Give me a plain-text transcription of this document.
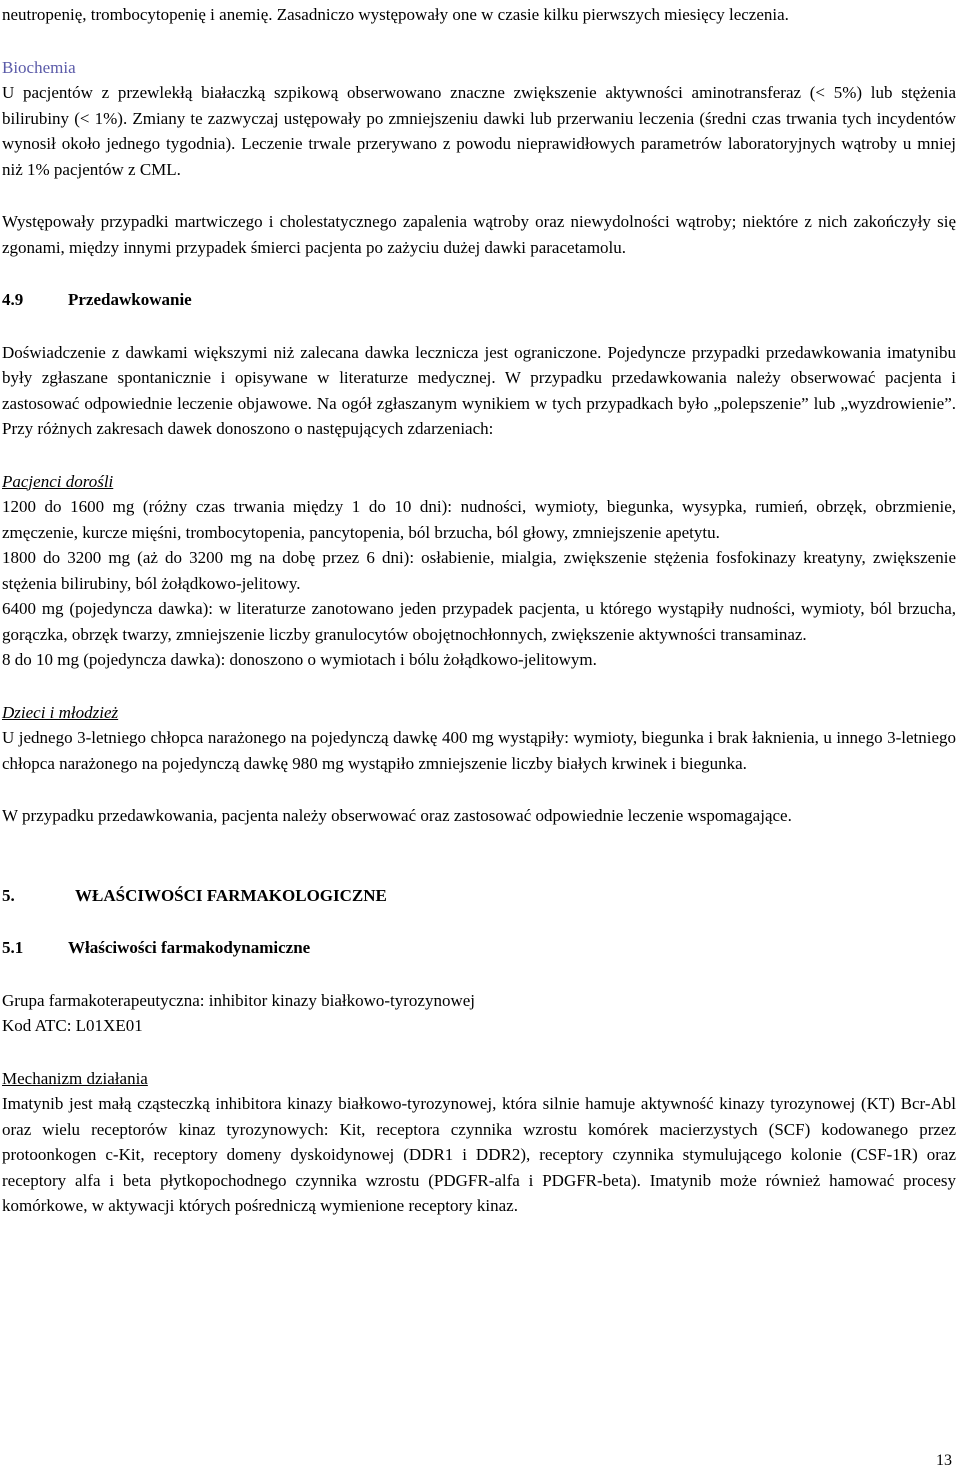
neutropenię, trombocytopenię i anemię. Zasadniczo występowały one w czasie kilku pierwszych miesięcy leczenia.

Biochemia

U pacjentów z przewlekłą białaczką szpikową obserwowano znaczne zwiększenie aktywności aminotransferaz (< 5%) lub stężenia bilirubiny (< 1%). Zmiany te zazwyczaj ustępowały po zmniejszeniu dawki lub przerwaniu leczenia (średni czas trwania tych incydentów wynosił około jednego tygodnia). Leczenie trwale przerywano z powodu nieprawidłowych parametrów laboratoryjnych wątroby u mniej niż 1% pacjentów z CML.

Występowały przypadki martwiczego i cholestatycznego zapalenia wątroby oraz niewydolności wątroby; niektóre z nich zakończyły się zgonami, między innymi przypadek śmierci pacjenta po zażyciu dużej dawki paracetamolu.

4.9	Przedawkowanie

Doświadczenie z dawkami większymi niż zalecana dawka lecznicza jest ograniczone. Pojedyncze przypadki przedawkowania imatynibu były zgłaszane spontanicznie i opisywane w literaturze medycznej. W przypadku przedawkowania należy obserwować pacjenta i zastosować odpowiednie leczenie objawowe. Na ogół zgłaszanym wynikiem w tych przypadkach było „polepszenie” lub „wyzdrowienie”. Przy różnych zakresach dawek donoszono o następujących zdarzeniach:

Pacjenci dorośli

1200 do 1600 mg (różny czas trwania między 1 do 10 dni): nudności, wymioty, biegunka, wysypka, rumień, obrzęk, obrzmienie, zmęczenie, kurcze mięśni, trombocytopenia, pancytopenia, ból brzucha, ból głowy, zmniejszenie apetytu.

1800 do 3200 mg (aż do 3200 mg na dobę przez 6 dni): osłabienie, mialgia, zwiększenie stężenia fosfokinazy kreatyny, zwiększenie stężenia bilirubiny, ból żołądkowo-jelitowy.

6400 mg (pojedyncza dawka): w literaturze zanotowano jeden przypadek pacjenta, u którego wystąpiły nudności, wymioty, ból brzucha, gorączka, obrzęk twarzy, zmniejszenie liczby granulocytów obojętnochłonnych, zwiększenie aktywności transaminaz.

8 do 10 mg (pojedyncza dawka): donoszono o wymiotach i bólu żołądkowo-jelitowym.

Dzieci i młodzież

U jednego 3-letniego chłopca narażonego na pojedynczą dawkę 400 mg wystąpiły: wymioty, biegunka i brak łaknienia, u innego 3-letniego chłopca narażonego na pojedynczą dawkę 980 mg wystąpiło zmniejszenie liczby białych krwinek i biegunka.

W przypadku przedawkowania, pacjenta należy obserwować oraz zastosować odpowiednie leczenie wspomagające.

5.	WŁAŚCIWOŚCI FARMAKOLOGICZNE

5.1	Właściwości farmakodynamiczne

Grupa farmakoterapeutyczna: inhibitor kinazy białkowo-tyrozynowej

Kod ATC: L01XE01

Mechanizm działania

Imatynib jest małą cząsteczką inhibitora kinazy białkowo-tyrozynowej, która silnie hamuje aktywność kinazy tyrozynowej (KT) Bcr-Abl oraz wielu receptorów kinaz tyrozynowych: Kit, receptora czynnika wzrostu komórek macierzystych (SCF) kodowanego przez protoonkogen c-Kit, receptory domeny dyskoidynowej (DDR1 i DDR2), receptory czynnika stymulującego kolonie (CSF-1R) oraz receptory alfa i beta płytkopochodnego czynnika wzrostu (PDGFR-alfa i PDGFR-beta). Imatynib może również hamować procesy komórkowe, w aktywacji których pośredniczą wymienione receptory kinaz.

13
